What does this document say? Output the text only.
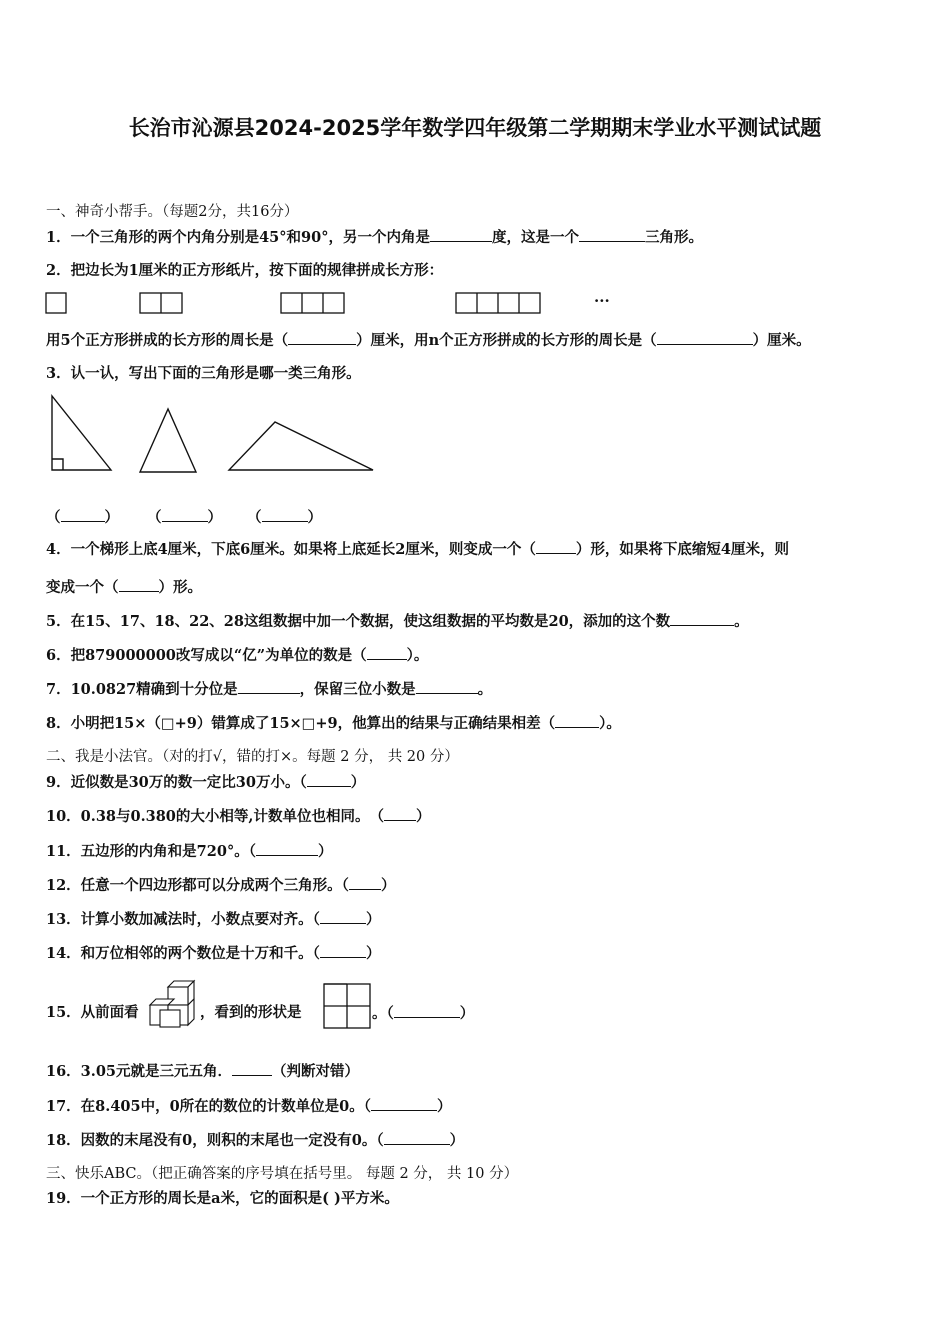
长治市沁源县2024-2025学年数学四年级第二学期期末学业水平测试试题
一、神奇小帮手。（每题2分，共16分）
1．一个三角形的两个内角分别是45°和90°，另一个内角是	度，这是一个	三角形。
2．把边长为1厘米的正方形纸片，按下面的规律拼成长方形：
···
用5个正方形拼成的长方形的周长是（	）厘米，用n个正方形拼成的长方形的周长是（	）厘米。
3．认一认，写出下面的三角形是哪一类三角形。
（	） （	） （	）
4．一个梯形上底4厘米，下底6厘米。如果将上底延长2厘米，则变成一个（	）形，如果将下底缩短4厘米，则
变成一个（	）形。
5．在15、17、18、22、28这组数据中加一个数据，使这组数据的平均数是20，添加的这个数	。
6．把879000000改写成以“亿”为单位的数是（	）。
7．10.0827精确到十分位是	，保留三位小数是	。
8．小明把15×（□+9）错算成了15×□+9，他算出的结果与正确结果相差（	）。
二、我是小法官。（对的打√，错的打×。每题 2 分， 共 20 分）
9．近似数是30万的数一定比30万小。（	）
10．0.38与0.380的大小相等,计数单位也相同。　（ ）
11．五边形的内角和是720°。（	）
12．任意一个四边形都可以分成两个三角形。（ ）
13．计算小数加减法时，小数点要对齐。（	）
14．和万位相邻的两个数位是十万和千。（	）
15．从前面看	，看到的形状是	。（	）
16．3.05元就是三元五角．	（判断对错）
17．在8.405中，0所在的数位的计数单位是0。（	）
18．因数的末尾没有0，则积的末尾也一定没有0。（	）
三、快乐ABC。（把正确答案的序号填在括号里。 每题 2 分， 共 10 分）
19．一个正方形的周长是a米，它的面积是( )平方米。
